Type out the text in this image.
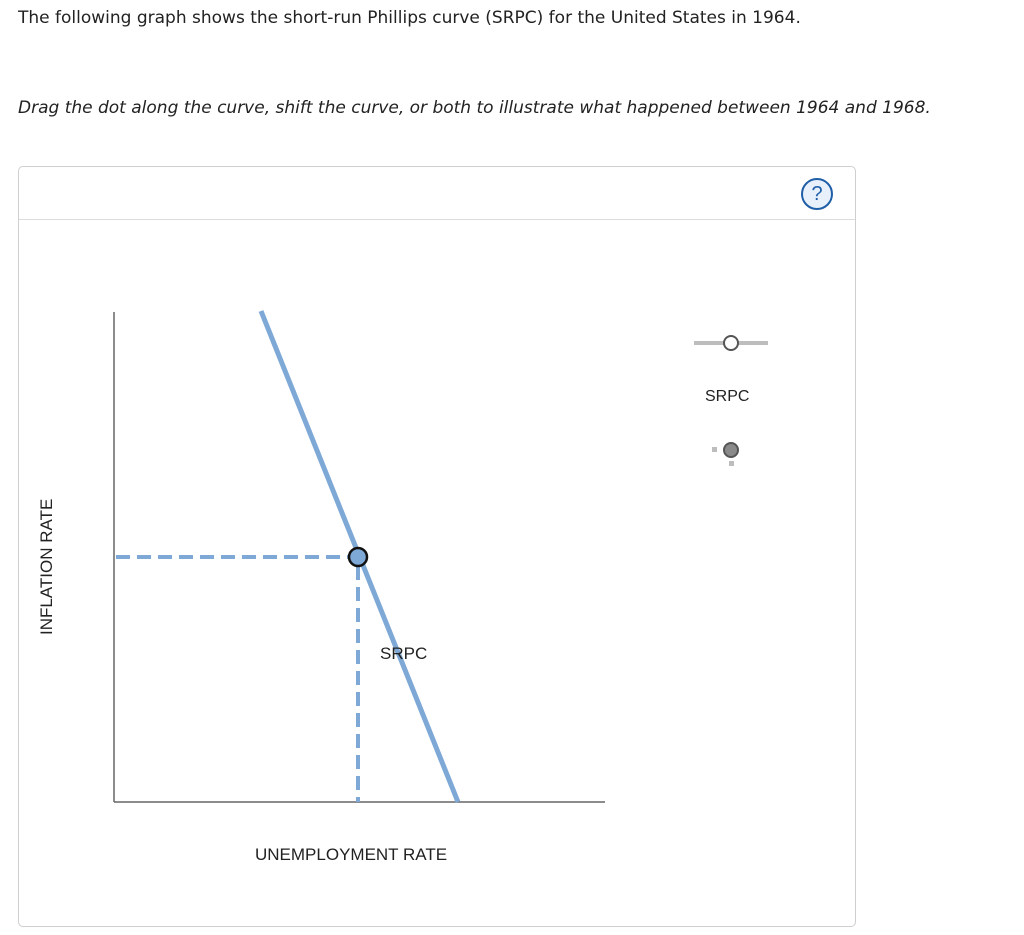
The following graph shows the short-run Phillips curve (SRPC) for the United States in 1964.
Drag the dot along the curve, shift the curve, or both to illustrate what happened between 1964 and 1968.
?
SRPC
UNEMPLOYMENT RATE
INFLATION RATE
SRPC
